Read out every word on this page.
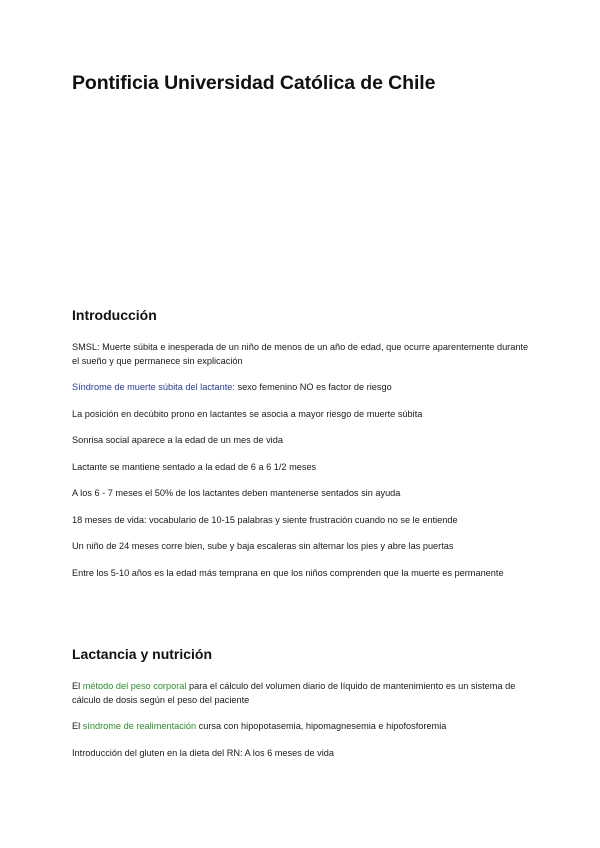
Pontificia Universidad Católica de Chile
Introducción

SMSL: Muerte súbita e inesperada de un niño de menos de un año de edad, que ocurre aparentemente durante el sueño y que permanece sin explicación

Síndrome de muerte súbita del lactante: sexo femenino NO es factor de riesgo

La posición en decúbito prono en lactantes se asocia a mayor riesgo de muerte súbita

Sonrisa social aparece a la edad de un mes de vida

Lactante se mantiene sentado a la edad de 6 a 6 1/2 meses

A los 6 - 7 meses el 50% de los lactantes deben mantenerse sentados sin ayuda

18 meses de vida: vocabulario de 10-15 palabras y siente frustración cuando no se le entiende

Un niño de 24 meses corre bien, sube y baja escaleras sin alternar los pies y abre las puertas

Entre los 5-10 años es la edad más temprana en que los niños comprenden que la muerte es permanente

Lactancia y nutrición

El método del peso corporal para el cálculo del volumen diario de líquido de mantenimiento es un sistema de cálculo de dosis según el peso del paciente

El síndrome de realimentación cursa con hipopotasemia, hipomagnesemia e hipofosforemia

Introducción del gluten en la dieta del RN: A los 6 meses de vida
